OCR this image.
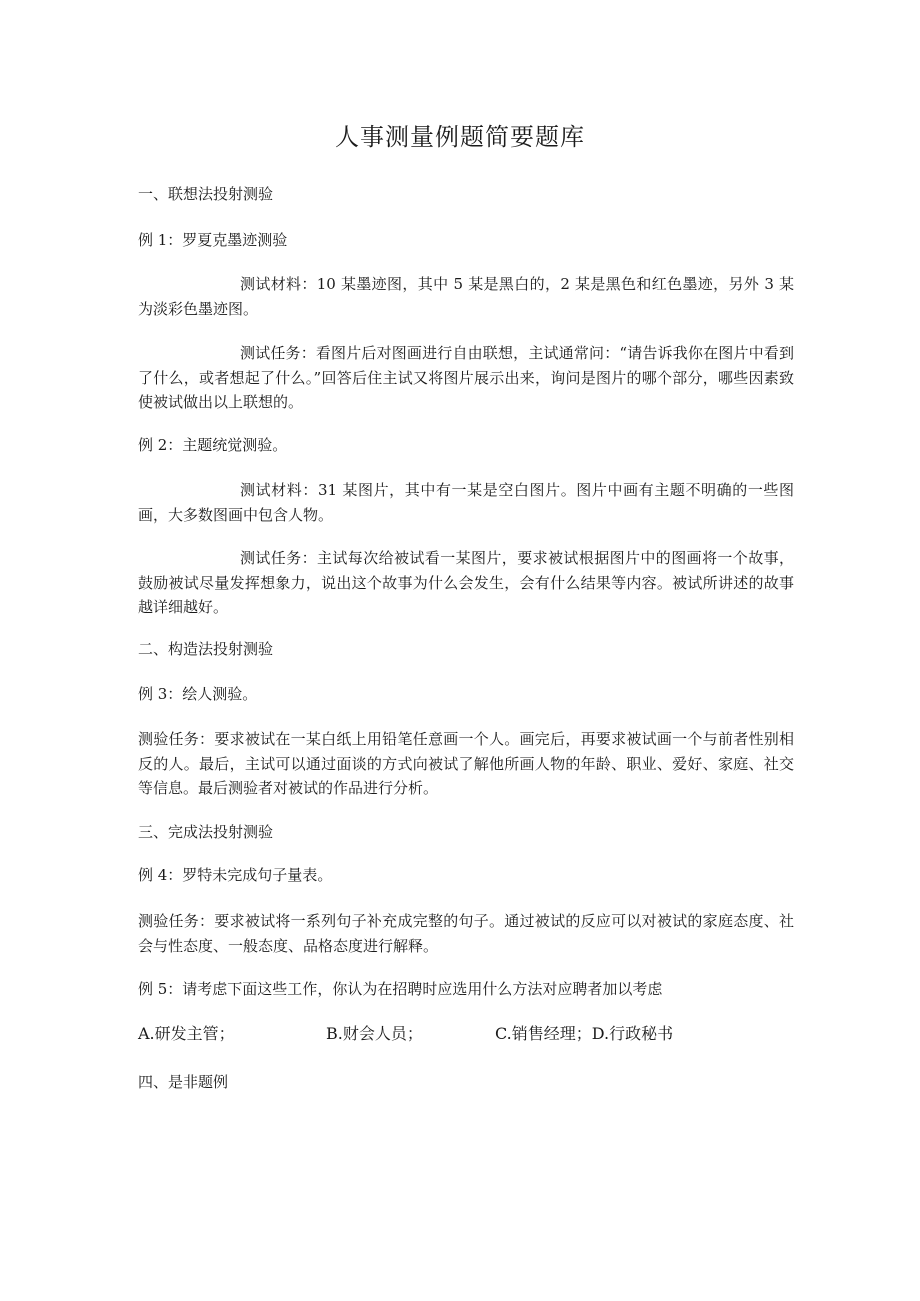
人事测量例题简要题库
一、联想法投射测验
例 1：罗夏克墨迹测验
测试材料：10 某墨迹图，其中 5 某是黑白的，2 某是黑色和红色墨迹，另外 3 某为淡彩色墨迹图。
测试任务：看图片后对图画进行自由联想，主试通常问：“请告诉我你在图片中看到了什么，或者想起了什么。”回答后住主试又将图片展示出来，询问是图片的哪个部分，哪些因素致使被试做出以上联想的。
例 2：主题统觉测验。
测试材料：31 某图片，其中有一某是空白图片。图片中画有主题不明确的一些图画，大多数图画中包含人物。
测试任务：主试每次给被试看一某图片，要求被试根据图片中的图画将一个故事，鼓励被试尽量发挥想象力，说出这个故事为什么会发生，会有什么结果等内容。被试所讲述的故事越详细越好。
二、构造法投射测验
例 3：绘人测验。
测验任务：要求被试在一某白纸上用铅笔任意画一个人。画完后，再要求被试画一个与前者性别相反的人。最后，主试可以通过面谈的方式向被试了解他所画人物的年龄、职业、爱好、家庭、社交等信息。最后测验者对被试的作品进行分析。
三、完成法投射测验
例 4：罗特未完成句子量表。
测验任务：要求被试将一系列句子补充成完整的句子。通过被试的反应可以对被试的家庭态度、社会与性态度、一般态度、品格态度进行解释。
例 5：请考虑下面这些工作，你认为在招聘时应选用什么方法对应聘者加以考虑
A.研发主管；	B.财会人员；	C.销售经理；D.行政秘书
四、是非题例
